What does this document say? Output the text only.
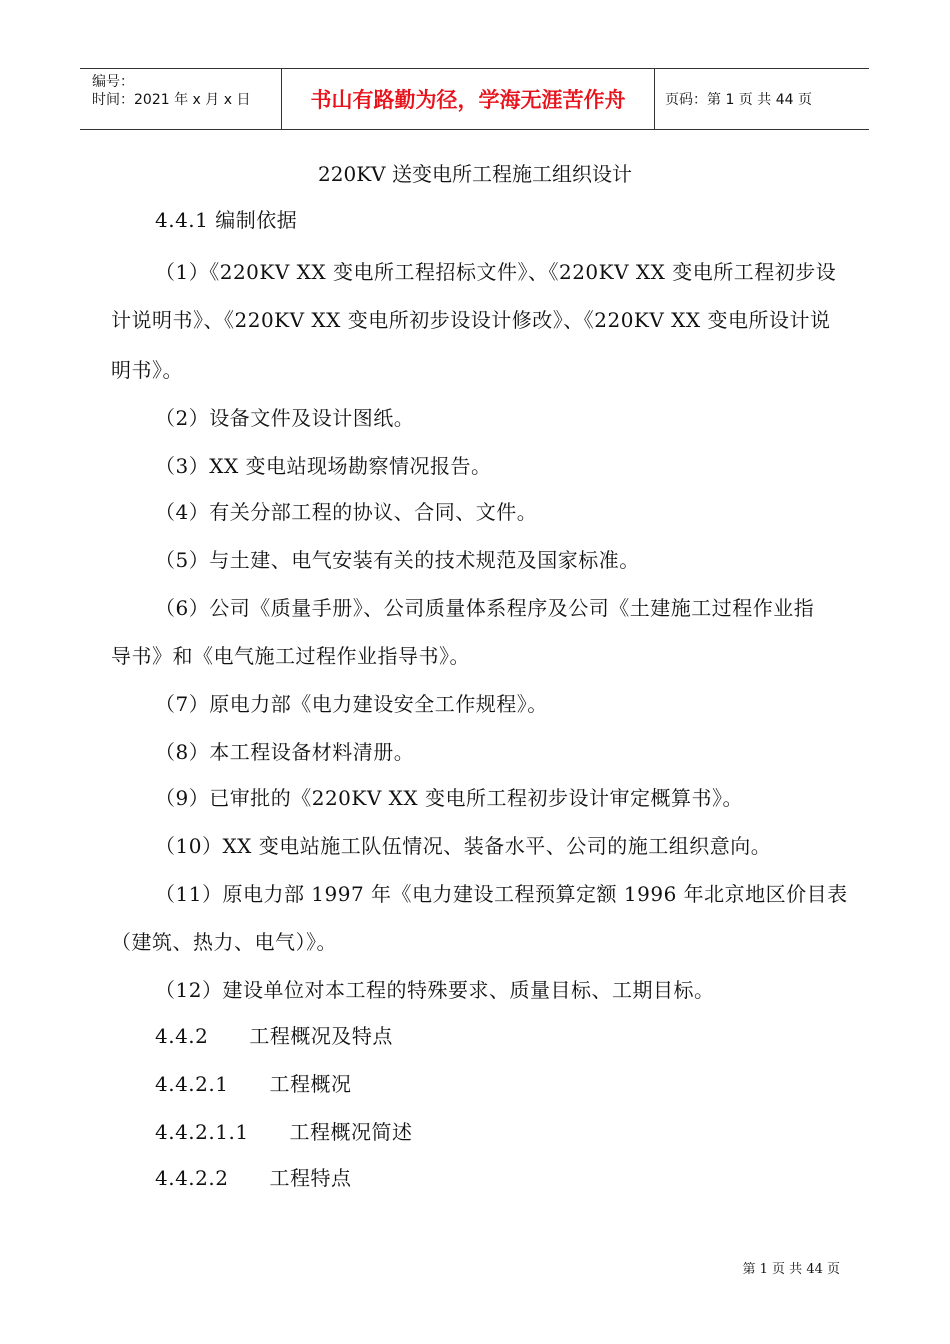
编号：
时间：2021 年 x 月 x 日	书山有路勤为径，学海无涯苦作舟	页码：第 1 页 共 44 页
220KV 送变电所工程施工组织设计
4.4.1 编制依据
（1）《220KV XX 变电所工程招标文件》、《220KV XX 变电所工程初步设
计说明书》、《220KV XX 变电所初步设设计修改》、《220KV XX 变电所设计说
明书》。
（2）设备文件及设计图纸。
（3）XX 变电站现场勘察情况报告。
（4）有关分部工程的协议、合同、文件。
（5）与土建、电气安装有关的技术规范及国家标准。
（6）公司《质量手册》、公司质量体系程序及公司《土建施工过程作业指
导书》和《电气施工过程作业指导书》。
（7）原电力部《电力建设安全工作规程》。
（8）本工程设备材料清册。
（9）已审批的《220KV XX 变电所工程初步设计审定概算书》。
（10）XX 变电站施工队伍情况、装备水平、公司的施工组织意向。
（11）原电力部 1997 年《电力建设工程预算定额 1996 年北京地区价目表
（建筑、热力、电气）》。
（12）建设单位对本工程的特殊要求、质量目标、工期目标。
4.4.2　　工程概况及特点
4.4.2.1　　工程概况
4.4.2.1.1　　工程概况简述
4.4.2.2　　工程特点
第 1 页 共 44 页
